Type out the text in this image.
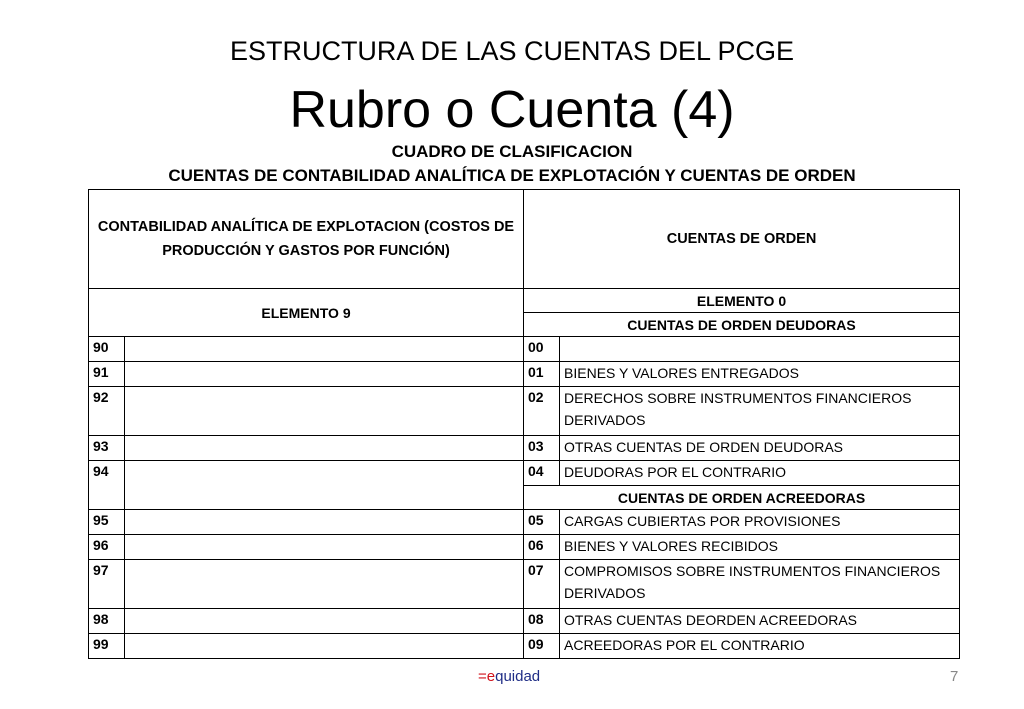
ESTRUCTURA DE LAS CUENTAS DEL PCGE
Rubro o Cuenta (4)
CUADRO DE CLASIFICACION
CUENTAS DE CONTABILIDAD ANALÍTICA DE EXPLOTACIÓN Y CUENTAS DE ORDEN
CONTABILIDAD ANALÍTICA DE EXPLOTACION (COSTOS DE PRODUCCIÓN Y GASTOS POR FUNCIÓN)		CUENTAS DE ORDEN	
ELEMENTO 9		ELEMENTO 0	
		CUENTAS DE ORDEN DEUDORAS	
90		00	
91		01	BIENES Y VALORES ENTREGADOS
92		02	DERECHOS SOBRE INSTRUMENTOS FINANCIEROS DERIVADOS
93		03	OTRAS CUENTAS DE ORDEN DEUDORAS
94		04	DEUDORAS POR EL CONTRARIO
		CUENTAS DE ORDEN ACREEDORAS	
95		05	CARGAS CUBIERTAS POR PROVISIONES
96		06	BIENES Y VALORES RECIBIDOS
97		07	COMPROMISOS SOBRE INSTRUMENTOS FINANCIEROS DERIVADOS
98		08	OTRAS CUENTAS DEORDEN ACREEDORAS
99		09	ACREEDORAS POR EL CONTRARIO
=equidad	7
